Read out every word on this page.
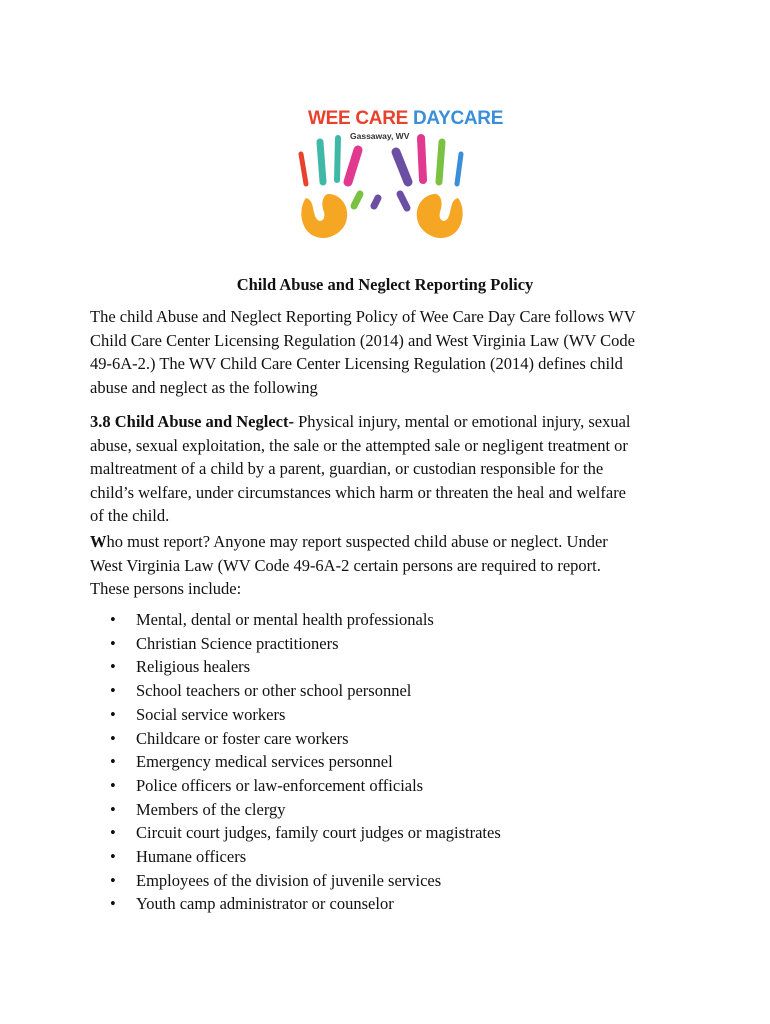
WEE CARE DAYCARE
Gassaway, WV
Child Abuse and Neglect Reporting Policy
The child Abuse and Neglect Reporting Policy of Wee Care Day Care follows WV
Child Care Center Licensing Regulation (2014) and West Virginia Law (WV Code
49-6A-2.) The WV Child Care Center Licensing Regulation (2014) defines child
abuse and neglect as the following
3.8 Child Abuse and Neglect- Physical injury, mental or emotional injury, sexual
abuse, sexual exploitation, the sale or the attempted sale or negligent treatment or
maltreatment of a child by a parent, guardian, or custodian responsible for the
child’s welfare, under circumstances which harm or threaten the heal and welfare
of the child.
Who must report? Anyone may report suspected child abuse or neglect. Under
West Virginia Law (WV Code 49-6A-2 certain persons are required to report.
These persons include:
• Mental, dental or mental health professionals
• Christian Science practitioners
• Religious healers
• School teachers or other school personnel
• Social service workers
• Childcare or foster care workers
• Emergency medical services personnel
• Police officers or law-enforcement officials
• Members of the clergy
• Circuit court judges, family court judges or magistrates
• Humane officers
• Employees of the division of juvenile services
• Youth camp administrator or counselor
